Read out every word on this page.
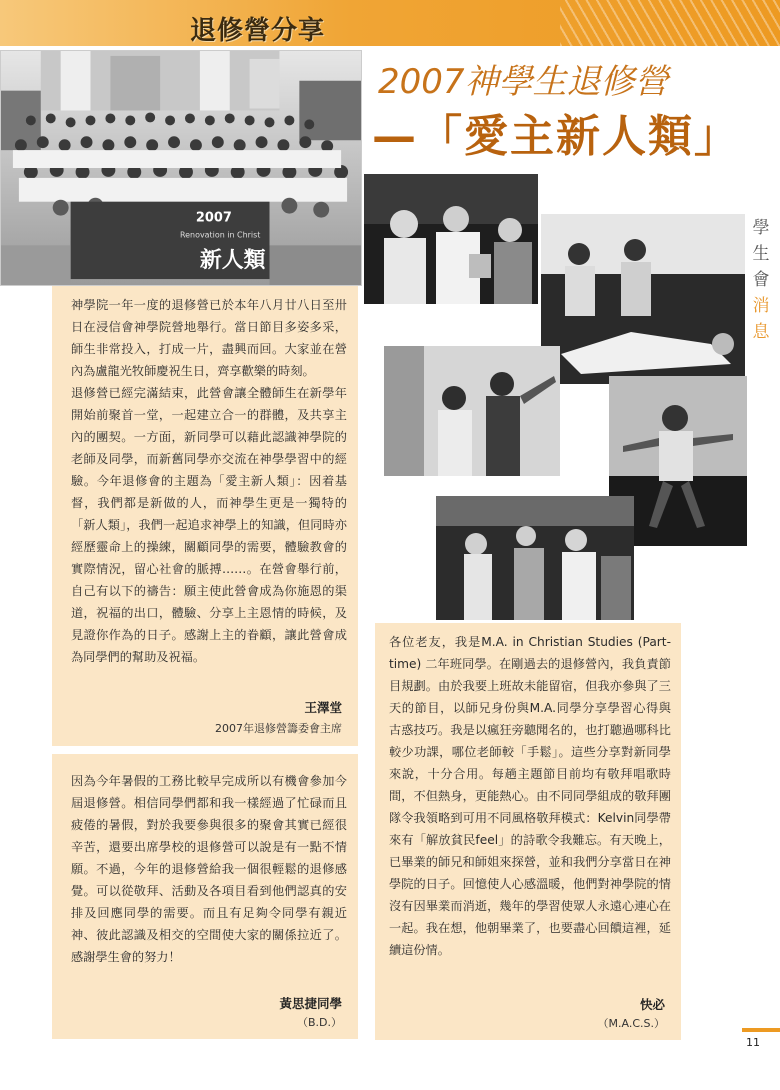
退修營分享
2007
Renovation in Christ
新人類
2007神學生退修營
—「愛主新人類」
學
生
會
消
息

神學院一年一度的退修營已於本年八月廿八日至卅日在浸信會神學院營地舉行。當日節目多姿多采，師生非常投入，打成一片，盡興而回。大家並在營內為盧龍光牧師慶祝生日，齊享歡樂的時刻。

退修營已經完滿結束，此營會讓全體師生在新學年開始前聚首一堂，一起建立合一的群體，及共享主內的團契。一方面，新同學可以藉此認識神學院的老師及同學，而新舊同學亦交流在神學學習中的經驗。今年退修會的主題為「愛主新人類」：因着基督，我們都是新做的人，而神學生更是一獨特的「新人類」，我們一起追求神學上的知識，但同時亦經歷靈命上的操練，關顧同學的需要，體驗教會的實際情況，留心社會的脈搏……。在營會舉行前，自己有以下的禱告：願主使此營會成為你施恩的渠道，祝福的出口，體驗、分享上主恩情的時候，及見證你作為的日子。感謝上主的眷顧，讓此營會成為同學們的幫助及祝福。

王澤堂
2007年退修營籌委會主席

因為今年暑假的工務比較早完成所以有機會參加今屆退修營。相信同學們都和我一樣經過了忙碌而且疲倦的暑假，對於我要參與很多的聚會其實已經很辛苦，還要出席學校的退修營可以說是有一點不情願。不過，今年的退修營給我一個很輕鬆的退修感覺。可以從敬拜、活動及各項目看到他們認真的安排及回應同學的需要。而且有足夠令同學有親近神、彼此認識及相交的空間使大家的關係拉近了。感謝學生會的努力！

黃思捷同學
（B.D.）

各位老友，我是M.A. in Christian Studies (Part-time) 二年班同學。在剛過去的退修營內，我負責節目規劃。由於我要上班故未能留宿，但我亦參與了三天的節目，以師兄身份與M.A.同學分享學習心得與古惑技巧。我是以瘋狂旁聽聞名的，也打聽過哪科比較少功課，哪位老師較「手鬆」。這些分享對新同學來說，十分合用。每趟主題節目前均有敬拜唱歌時間，不但熱身，更能熱心。由不同同學組成的敬拜團隊令我領略到可用不同風格敬拜模式：Kelvin同學帶來有「解放貧民feel」的詩歌令我難忘。有天晚上，已畢業的師兄和師姐來探營，並和我們分享當日在神學院的日子。回憶使人心感溫暖，他們對神學院的情沒有因畢業而消逝，幾年的學習使眾人永遠心連心在一起。我在想，他朝畢業了，也要盡心回饋這裡，延續這份情。

快必
（M.A.C.S.）
11
